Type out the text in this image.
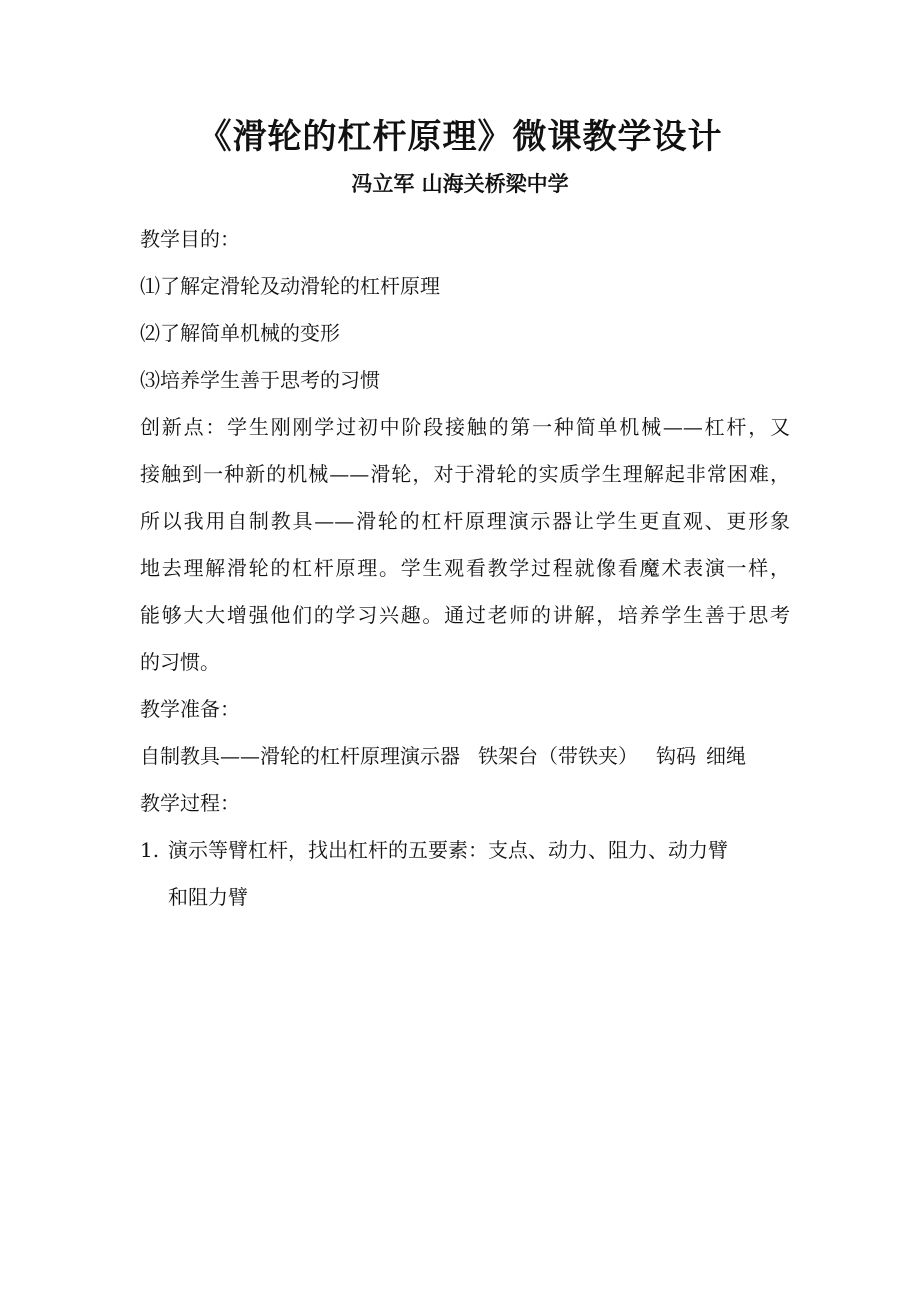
《滑轮的杠杆原理》微课教学设计
冯立军 山海关桥梁中学
教学目的：
⑴了解定滑轮及动滑轮的杠杆原理
⑵了解简单机械的变形
⑶培养学生善于思考的习惯
创新点：学生刚刚学过初中阶段接触的第一种简单机械——杠杆，又
接触到一种新的机械——滑轮，对于滑轮的实质学生理解起非常困难，
所以我用自制教具——滑轮的杠杆原理演示器让学生更直观、更形象
地去理解滑轮的杠杆原理。学生观看教学过程就像看魔术表演一样，
能够大大增强他们的学习兴趣。通过老师的讲解，培养学生善于思考
的习惯。
教学准备：
自制教具——滑轮的杠杆原理演示器 铁架台（带铁夹） 钩码 细绳
教学过程：
1. 演示等臂杠杆，找出杠杆的五要素：支点、动力、阻力、动力臂
和阻力臂
